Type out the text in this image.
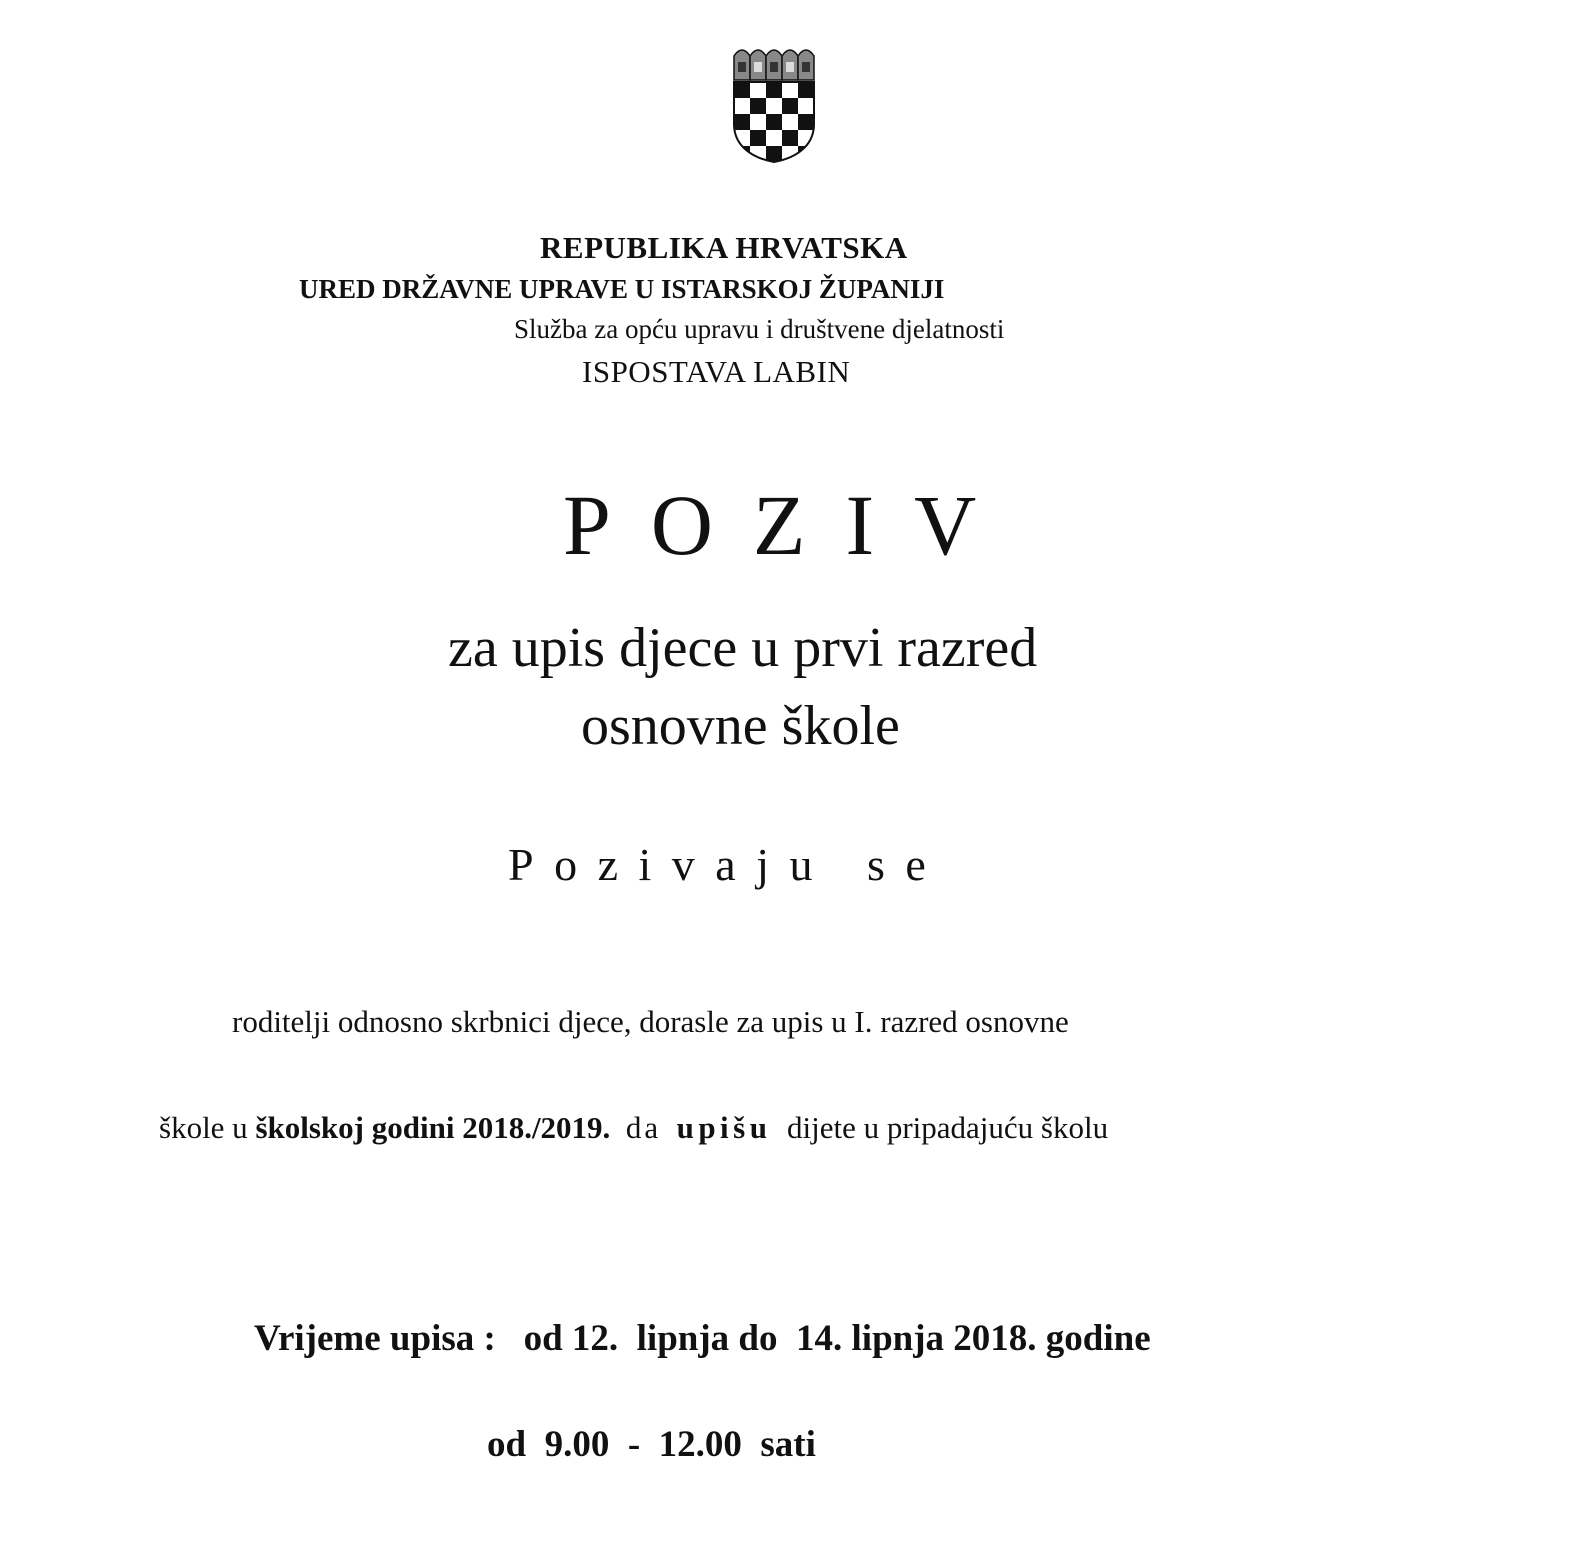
REPUBLIKA HRVATSKA
URED DRŽAVNE UPRAVE U ISTARSKOJ ŽUPANIJI
Služba za opću upravu i društvene djelatnosti
ISPOSTAVA LABIN
POZIV
za upis djece u prvi razred
osnovne škole
Pozivaju se
roditelji odnosno skrbnici djece, dorasle za upis u I. razred osnovne
škole u školskoj godini 2018./2019. da upišu dijete u pripadajuću školu
Vrijeme upisa :   od 12.  lipnja do  14. lipnja 2018. godine
od  9.00  -  12.00  sati
